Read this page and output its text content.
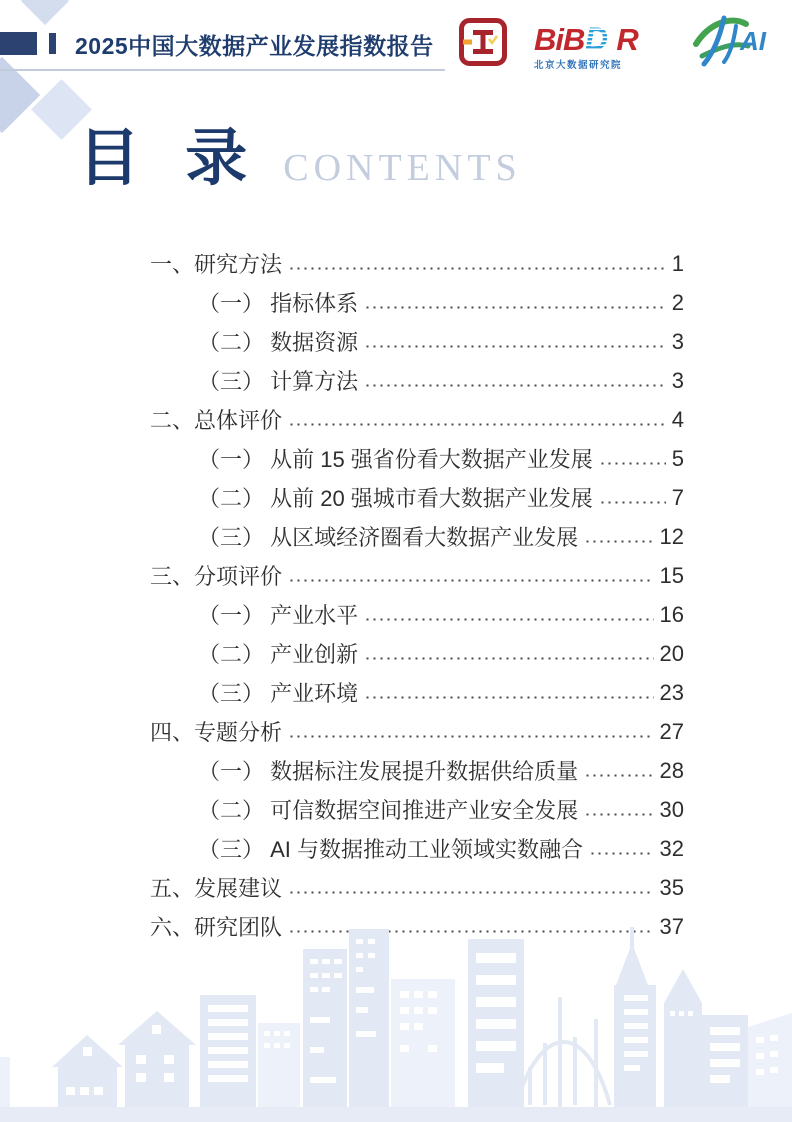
2025中国大数据产业发展指数报告	BiB D R
北京大数据研究院
AI
目 录 CONTENTS
一、研究方法	1
（一） 指标体系	2
（二） 数据资源	3
（三） 计算方法	3
二、总体评价	4
（一） 从前 15 强省份看大数据产业发展	5
（二） 从前 20 强城市看大数据产业发展	7
（三） 从区域经济圈看大数据产业发展	12
三、分项评价	15
（一） 产业水平	16
（二） 产业创新	20
（三） 产业环境	23
四、专题分析	27
（一） 数据标注发展提升数据供给质量	28
（二） 可信数据空间推进产业安全发展	30
（三） AI 与数据推动工业领域实数融合	32
五、发展建议	35
六、研究团队	37
